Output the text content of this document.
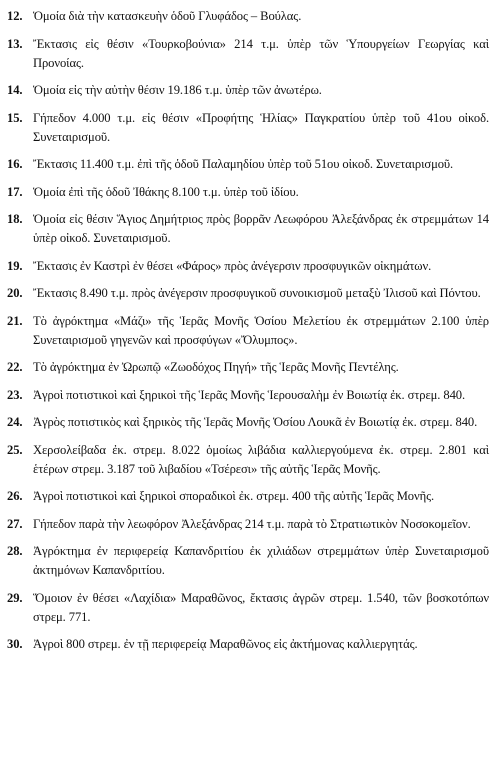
12. Ὁμοία διὰ τὴν κατασκευὴν ὁδοῦ Γλυφάδος – Βούλας.
13. Ἔκτασις εἰς θέσιν «Τουρκοβούνια» 214 τ.μ. ὑπὲρ τῶν Ὑπουργείων Γεωργίας καὶ Προνοίας.
14. Ὁμοία εἰς τὴν αὐτὴν θέσιν 19.186 τ.μ. ὑπὲρ τῶν ἀνωτέρω.
15. Γήπεδον 4.000 τ.μ. εἰς θέσιν «Προφήτης Ἡλίας» Παγκρατίου ὑπὲρ τοῦ 41ου οἰκοδ. Συνεταιρισμοῦ.
16. Ἔκτασις 11.400 τ.μ. ἐπὶ τῆς ὁδοῦ Παλαμηδίου ὑπὲρ τοῦ 51ου οἰκοδ. Συνεταιρισμοῦ.
17. Ὁμοία ἐπὶ τῆς ὁδοῦ Ἰθάκης 8.100 τ.μ. ὑπὲρ τοῦ ἰδίου.
18. Ὁμοία εἰς θέσιν Ἅγιος Δημήτριος πρὸς βορρᾶν Λεωφόρου Ἀλεξάνδρας ἐκ στρεμμάτων 14 ὑπὲρ οἰκοδ. Συνεταιρισμοῦ.
19. Ἔκτασις ἐν Καστρὶ ἐν θέσει «Φάρος» πρὸς ἀνέγερσιν προσφυγικῶν οἰκημάτων.
20. Ἔκτασις 8.490 τ.μ. πρὸς ἀνέγερσιν προσφυγικοῦ συνοικισμοῦ μεταξὺ Ἰλισοῦ καὶ Πόντου.
21. Τὸ ἀγρόκτημα «Μάζι» τῆς Ἱερᾶς Μονῆς Ὁσίου Μελετίου ἐκ στρεμμάτων 2.100 ὑπὲρ Συνεταιρισμοῦ γηγενῶν καὶ προσφύγων «Ὄλυμπος».
22. Τὸ ἀγρόκτημα ἐν Ὠρωπῷ «Ζωοδόχος Πηγή» τῆς Ἱερᾶς Μονῆς Πεντέλης.
23. Ἀγροὶ ποτιστικοὶ καὶ ξηρικοὶ τῆς Ἱερᾶς Μονῆς Ἱερουσαλὴμ ἐν Βοιωτίᾳ ἐκ. στρεμ. 840.
24. Ἀγρὸς ποτιστικὸς καὶ ξηρικὸς τῆς Ἱερᾶς Μονῆς Ὁσίου Λουκᾶ ἐν Βοιωτίᾳ ἐκ. στρεμ. 840.
25. Χερσολείβαδα ἐκ. στρεμ. 8.022 ὁμοίως λιβάδια καλλιεργούμενα ἐκ. στρεμ. 2.801 καὶ ἑτέρων στρεμ. 3.187 τοῦ λιβαδίου «Τσέρεσι» τῆς αὐτῆς Ἱερᾶς Μονῆς.
26. Ἀγροὶ ποτιστικοὶ καὶ ξηρικοὶ σποραδικοὶ ἐκ. στρεμ. 400 τῆς αὐτῆς Ἱερᾶς Μονῆς.
27. Γήπεδον παρὰ τὴν λεωφόρον Ἀλεξάνδρας 214 τ.μ. παρὰ τὸ Στρατιωτικὸν Νοσοκομεῖον.
28. Ἀγρόκτημα ἐν περιφερείᾳ Καπανδριτίου ἐκ χιλιάδων στρεμμάτων ὑπὲρ Συνεταιρισμοῦ ἀκτημόνων Καπανδριτίου.
29. Ὅμοιον ἐν θέσει «Λαχίδια» Μαραθῶνος, ἔκτασις ἀγρῶν στρεμ. 1.540, τῶν βοσκοτόπων στρεμ. 771.
30. Ἀγροὶ 800 στρεμ. ἐν τῇ περιφερείᾳ Μαραθῶνος εἰς ἀκτήμονας καλλιεργητάς.
